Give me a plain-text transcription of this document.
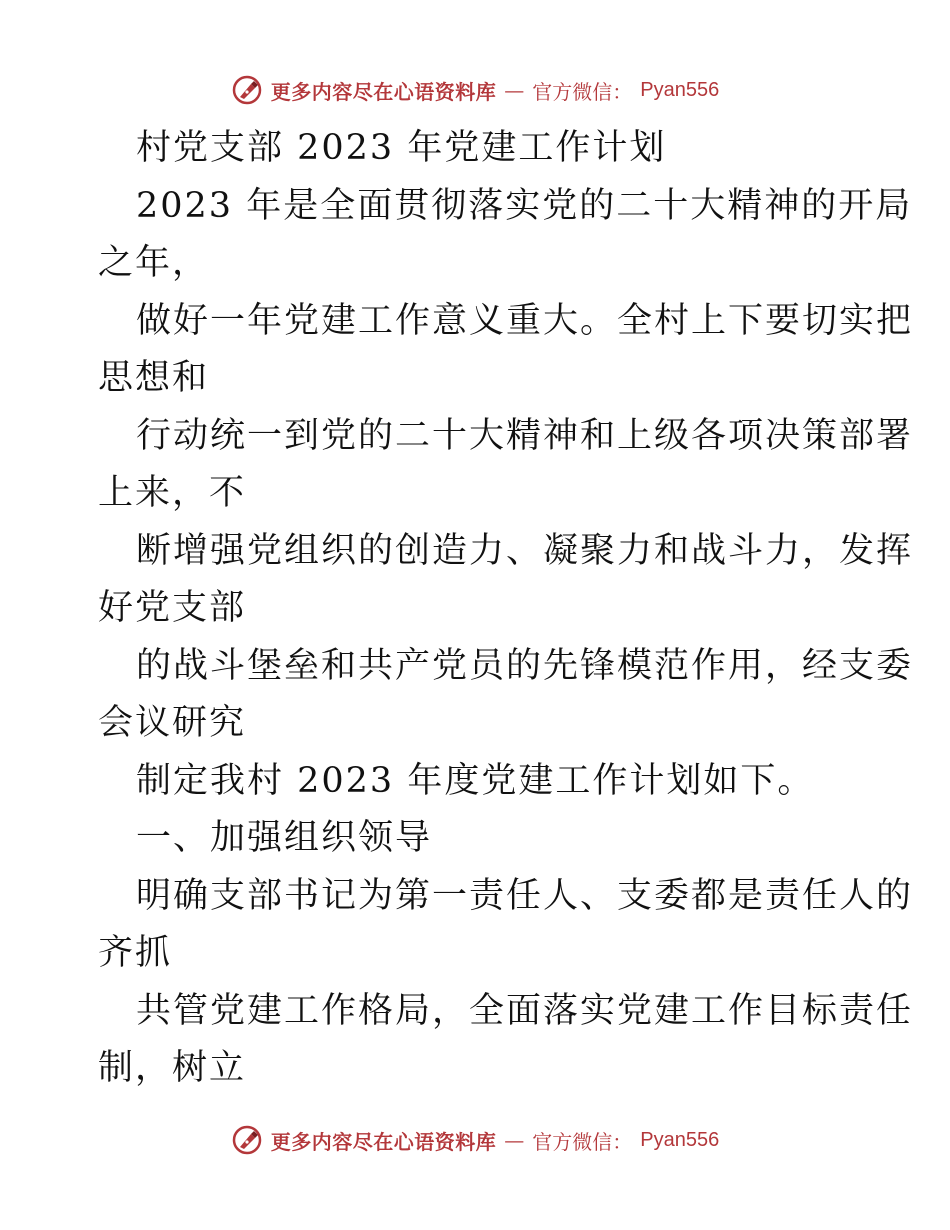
更多内容尽在心语资料库 — 官方微信： Pyan556
村党支部 2023 年党建工作计划
2023 年是全面贯彻落实党的二十大精神的开局
之年，
做好一年党建工作意义重大。全村上下要切实把
思想和
行动统一到党的二十大精神和上级各项决策部署
上来，不
断增强党组织的创造力、凝聚力和战斗力，发挥
好党支部
的战斗堡垒和共产党员的先锋模范作用，经支委
会议研究
制定我村 2023 年度党建工作计划如下。
一、加强组织领导
明确支部书记为第一责任人、支委都是责任人的
齐抓
共管党建工作格局，全面落实党建工作目标责任
制，树立
更多内容尽在心语资料库 — 官方微信： Pyan556
